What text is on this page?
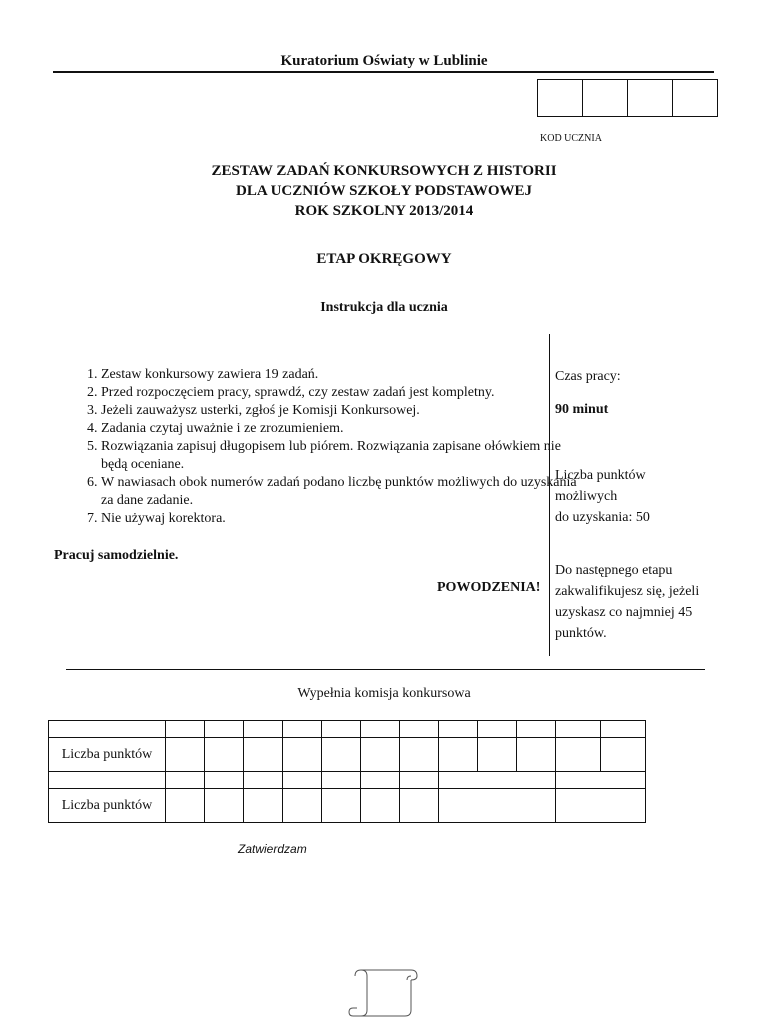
Kuratorium Oświaty w Lublinie
KOD UCZNIA
ZESTAW ZADAŃ KONKURSOWYCH Z HISTORII
DLA UCZNIÓW SZKOŁY PODSTAWOWEJ
ROK SZKOLNY 2013/2014
ETAP OKRĘGOWY
Instrukcja dla ucznia
1. Zestaw konkursowy zawiera 19 zadań.
2. Przed rozpoczęciem pracy, sprawdź, czy zestaw zadań jest kompletny.
3. Jeżeli zauważysz usterki, zgłoś je Komisji Konkursowej.
4. Zadania czytaj uważnie i ze zrozumieniem.
5. Rozwiązania zapisuj długopisem lub piórem. Rozwiązania zapisane ołówkiem nie będą oceniane.
6. W nawiasach obok numerów zadań podano liczbę punktów możliwych do uzyskania za dane zadanie.
7. Nie używaj korektora.
Pracuj samodzielnie.
POWODZENIA!
Czas pracy:
90 minut
Liczba punktów
możliwych
do uzyskania: 50
Do następnego etapu
zakwalifikujesz się, jeżeli
uzyskasz co najmniej 45
punktów.
Wypełnia komisja konkursowa

Liczba punktów												

Liczba punktów												
Zatwierdzam
